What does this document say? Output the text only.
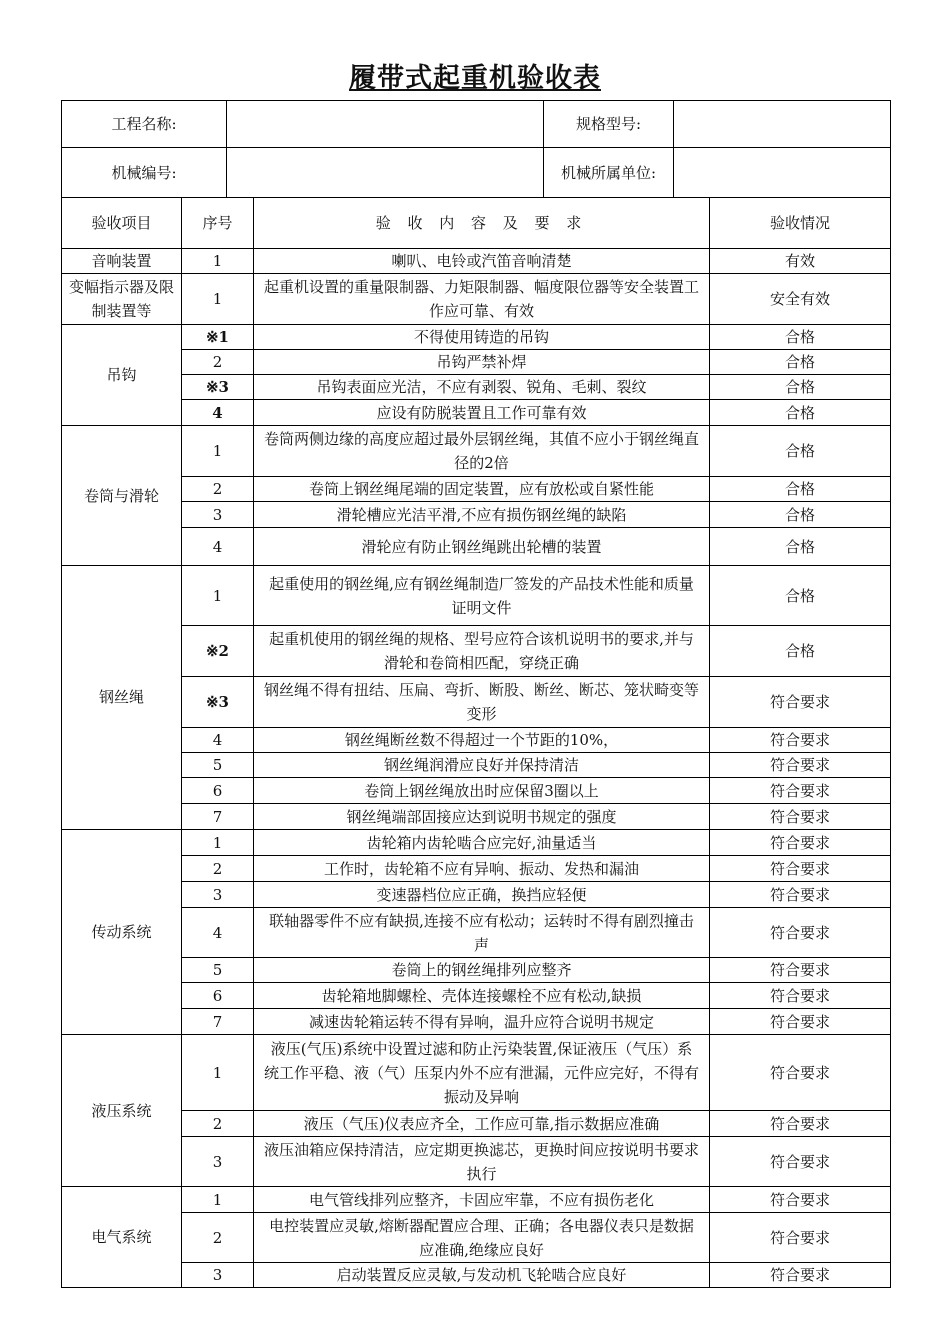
履带式起重机验收表
工程名称:		规格型号:	
机械编号:		机械所属单位:	
验收项目	序号	验 收 内 容 及 要 求	验收情况
音响装置	1	喇叭、电铃或汽笛音响清楚	有效
变幅指示器及限制装置等	1	起重机设置的重量限制器、力矩限制器、幅度限位器等安全装置工作应可靠、有效	安全有效
吊钩	※1	不得使用铸造的吊钩	合格
	2	吊钩严禁补焊	合格
	※3	吊钩表面应光洁，不应有剥裂、锐角、毛刺、裂纹	合格
	4	应设有防脱装置且工作可靠有效	合格
卷筒与滑轮	1	卷筒两侧边缘的高度应超过最外层钢丝绳，其值不应小于钢丝绳直径的2倍	合格
	2	卷筒上钢丝绳尾端的固定装置，应有放松或自紧性能	合格
	3	滑轮槽应光洁平滑,不应有损伤钢丝绳的缺陷	合格
	4	滑轮应有防止钢丝绳跳出轮槽的装置	合格
钢丝绳	1	起重使用的钢丝绳,应有钢丝绳制造厂签发的产品技术性能和质量证明文件	合格
	※2	起重机使用的钢丝绳的规格、型号应符合该机说明书的要求,并与滑轮和卷筒相匹配，穿绕正确	合格
	※3	钢丝绳不得有扭结、压扁、弯折、断股、断丝、断芯、笼状畸变等变形	符合要求
	4	钢丝绳断丝数不得超过一个节距的10%，	符合要求
	5	钢丝绳润滑应良好并保持清洁	符合要求
	6	卷筒上钢丝绳放出时应保留3圈以上	符合要求
	7	钢丝绳端部固接应达到说明书规定的强度	符合要求
传动系统	1	齿轮箱内齿轮啮合应完好,油量适当	符合要求
	2	工作时，齿轮箱不应有异响、振动、发热和漏油	符合要求
	3	变速器档位应正确，换挡应轻便	符合要求
	4	联轴器零件不应有缺损,连接不应有松动；运转时不得有剧烈撞击声	符合要求
	5	卷筒上的钢丝绳排列应整齐	符合要求
	6	齿轮箱地脚螺栓、壳体连接螺栓不应有松动,缺损	符合要求
	7	减速齿轮箱运转不得有异响，温升应符合说明书规定	符合要求
液压系统	1	液压(气压)系统中设置过滤和防止污染装置,保证液压（气压）系统工作平稳、液（气）压泵内外不应有泄漏，元件应完好，不得有振动及异响	符合要求
	2	液压（气压)仪表应齐全，工作应可靠,指示数据应准确	符合要求
	3	液压油箱应保持清洁，应定期更换滤芯，更换时间应按说明书要求执行	符合要求
电气系统	1	电气管线排列应整齐，卡固应牢靠，不应有损伤老化	符合要求
	2	电控装置应灵敏,熔断器配置应合理、正确；各电器仪表只是数据应准确,绝缘应良好	符合要求
	3	启动装置反应灵敏,与发动机飞轮啮合应良好	符合要求
